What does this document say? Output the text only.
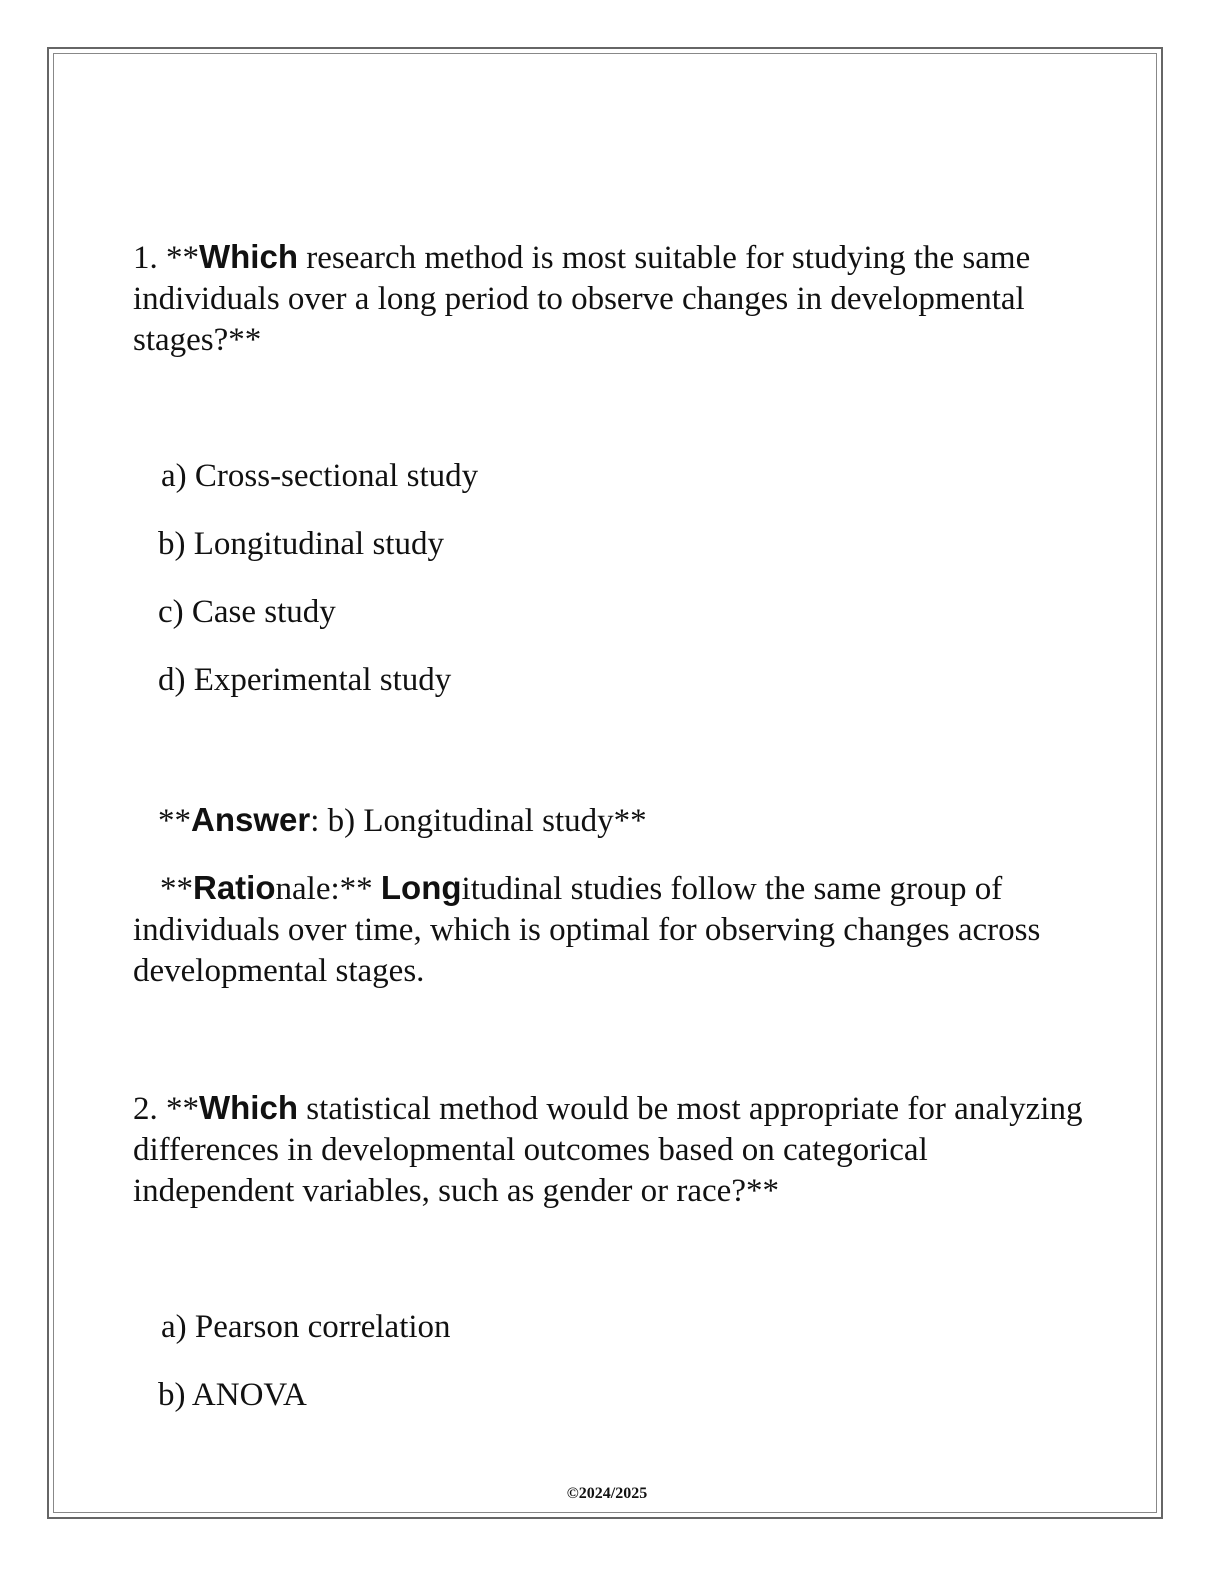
1. **Which research method is most suitable for studying the same individuals over a long period to observe changes in developmental stages?**

a) Cross-sectional study

b) Longitudinal study

c) Case study

d) Experimental study

**Answer: b) Longitudinal study**

**Rationale:** Longitudinal studies follow the same group of individuals over time, which is optimal for observing changes across developmental stages.

2. **Which statistical method would be most appropriate for analyzing differences in developmental outcomes based on categorical independent variables, such as gender or race?**

a) Pearson correlation

b) ANOVA

©2024/2025
